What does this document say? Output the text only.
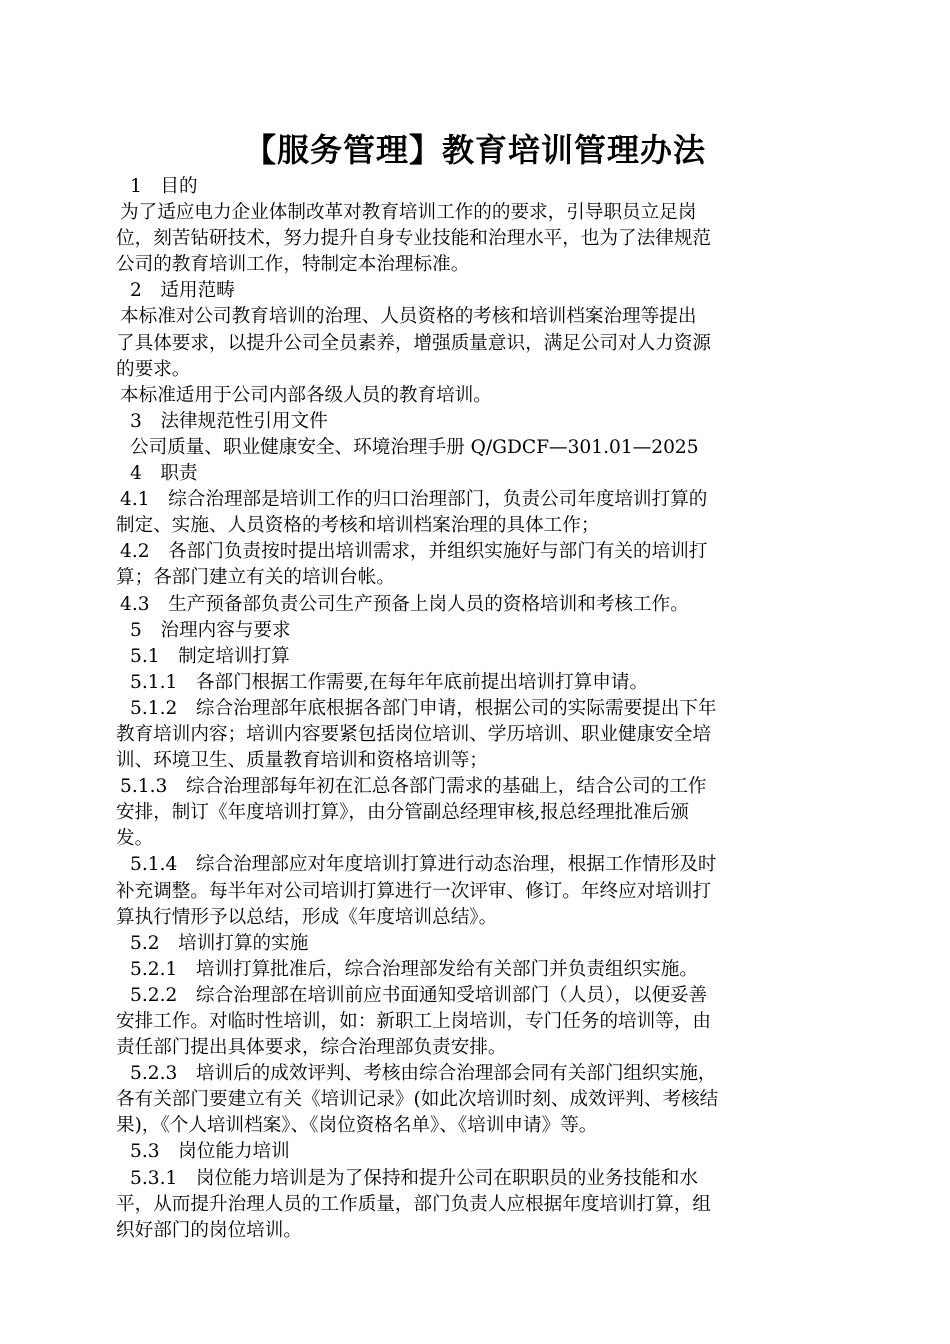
【服务管理】教育培训管理办法
1　目的
为了适应电力企业体制改革对教育培训工作的的要求，引导职员立足岗
位，刻苦钻研技术，努力提升自身专业技能和治理水平，也为了法律规范
公司的教育培训工作，特制定本治理标准。
2　适用范畴
本标准对公司教育培训的治理、人员资格的考核和培训档案治理等提出
了具体要求，以提升公司全员素养，增强质量意识，满足公司对人力资源
的要求。
本标准适用于公司内部各级人员的教育培训。
3　法律规范性引用文件
公司质量、职业健康安全、环境治理手册 Q/GDCF—301.01—2025
4　职责
4.1　综合治理部是培训工作的归口治理部门，负责公司年度培训打算的
制定、实施、人员资格的考核和培训档案治理的具体工作；
4.2　各部门负责按时提出培训需求，并组织实施好与部门有关的培训打
算；各部门建立有关的培训台帐。
4.3　生产预备部负责公司生产预备上岗人员的资格培训和考核工作。
5　治理内容与要求
5.1　制定培训打算
5.1.1　各部门根据工作需要,在每年年底前提出培训打算申请。
5.1.2　综合治理部年底根据各部门申请，根据公司的实际需要提出下年
教育培训内容；培训内容要紧包括岗位培训、学历培训、职业健康安全培
训、环境卫生、质量教育培训和资格培训等；
5.1.3　综合治理部每年初在汇总各部门需求的基础上，结合公司的工作
安排，制订《年度培训打算》，由分管副总经理审核,报总经理批准后颁
发。
5.1.4　综合治理部应对年度培训打算进行动态治理，根据工作情形及时
补充调整。每半年对公司培训打算进行一次评审、修订。年终应对培训打
算执行情形予以总结，形成《年度培训总结》。
5.2　培训打算的实施
5.2.1　培训打算批准后，综合治理部发给有关部门并负责组织实施。
5.2.2　综合治理部在培训前应书面通知受培训部门（人员），以便妥善
安排工作。对临时性培训，如：新职工上岗培训，专门任务的培训等，由
责任部门提出具体要求，综合治理部负责安排。
5.2.3　培训后的成效评判、考核由综合治理部会同有关部门组织实施，
各有关部门要建立有关《培训记录》(如此次培训时刻、成效评判、考核结
果)，《个人培训档案》、《岗位资格名单》、《培训申请》等。
5.3　岗位能力培训
5.3.1　岗位能力培训是为了保持和提升公司在职职员的业务技能和水
平，从而提升治理人员的工作质量，部门负责人应根据年度培训打算，组
织好部门的岗位培训。
